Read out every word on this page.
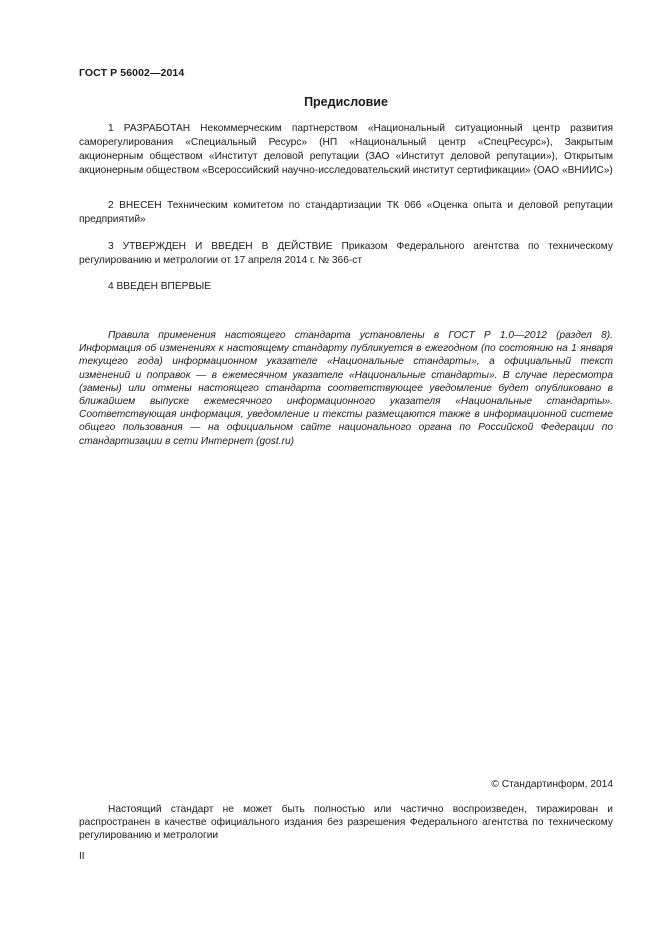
ГОСТ Р 56002—2014
Предисловие

1 РАЗРАБОТАН Некоммерческим партнерством «Национальный ситуационный центр развития саморегулирования «Специальный Ресурс» (НП «Национальный центр «СпецРесурс»), Закрытым акционерным обществом «Институт деловой репутации (ЗАО «Институт деловой репутации»), Открытым акционерным обществом «Всероссийский научно-исследовательский институт сертификации» (ОАО «ВНИИС»)

2 ВНЕСЕН Техническим комитетом по стандартизации ТК 066 «Оценка опыта и деловой репутации предприятий»

3 УТВЕРЖДЕН И ВВЕДЕН В ДЕЙСТВИЕ Приказом Федерального агентства по техническому регулированию и метрологии от 17 апреля 2014 г. № 366-ст

4 ВВЕДЕН ВПЕРВЫЕ

Правила применения настоящего стандарта установлены в ГОСТ Р 1.0—2012 (раздел 8). Информация об изменениях к настоящему стандарту публикуется в ежегодном (по состоянию на 1 января текущего года) информационном указателе «Национальные стандарты», а официальный текст изменений и поправок — в ежемесячном указателе «Национальные стандарты». В случае пересмотра (замены) или отмены настоящего стандарта соответствующее уведомление будет опубликовано в ближайшем выпуске ежемесячного информационного указателя «Национальные стандарты». Соответствующая информация, уведомление и тексты размещаются также в информационной системе общего пользования — на официальном сайте национального органа по Российской Федерации по стандартизации в сети Интернет (gost.ru)

© Стандартинформ, 2014

Настоящий стандарт не может быть полностью или частично воспроизведен, тиражирован и распространен в качестве официального издания без разрешения Федерального агентства по техническому регулированию и метрологии

II
